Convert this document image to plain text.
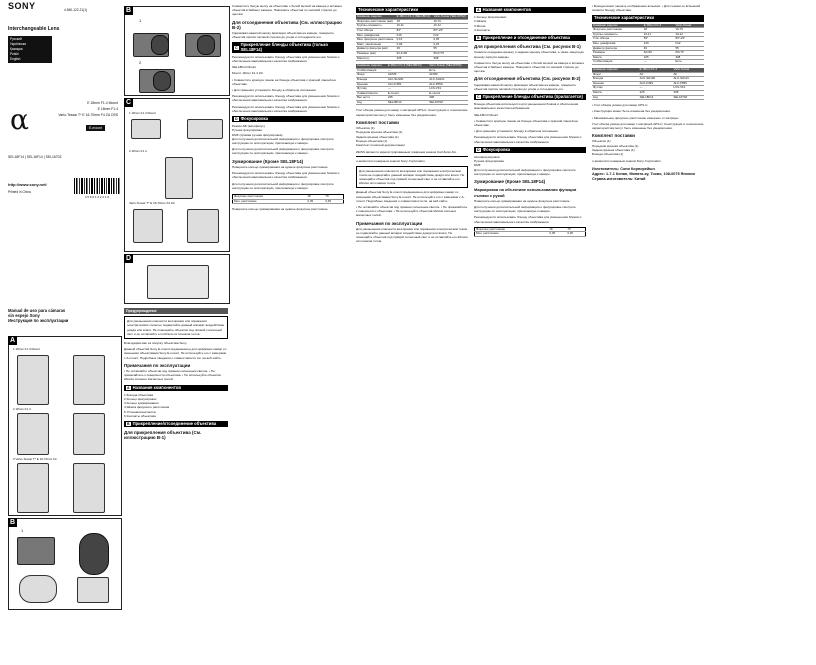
SONY	4-560-122-21(1)
Interchangeable Lens
Русский
Українська
Қазақша
Polski
English
E 18mm F1.4 Mount
E 18mm F1.4
Vario-Tessar T* E 16-70mm F4 ZA OSS
α	E-mount
SEL18F14 | SEL16F14 | SEL1670Z
http://www.sony.net/
Printed in China
4 5 6 0 1 2 2 2 1 0
Manual de uso para cámaras
sin espejo Sony
Инструкция по эксплуатации
A
1 18mm F1.4 Mount
2 18mm F1.4
3 Vario-Tessar T* E 16-70mm F4
B
1
B
1
2
C
1 18mm F1.4 Mount
2 18mm F1.4
Vario-Tessar T* E 16-70mm F4 ZA
D
Предупреждение
Для уменьшения опасности возгорания или поражения электрическим током не подвергайте данный аппарат воздействию дождя или влаги. Не помещайте объектив под прямой солнечный свет и не оставляйте его вблизи источников тепла.
Благодарим вас за покупку объектива Sony.
Данный объектив Sony E-mount предназначен для цифровых камер со сменными объективами Sony E-mount. Не используйте его с камерами с A-mount. Подробные сведения о совместимости см. на веб-сайте.
Примечания по эксплуатации
• Не оставляйте объектив под прямым солнечным светом. • Не прикасайтесь к поверхности объектива. • Не используйте объектив вблизи сильных магнитных полей.
A Названия компонентов
1 Бленда объектива
2 Кольцо фокусировки
3 Кольцо зуммирования
4 Шкала фокусного расстояния
5 Установочная метка
6 Контакты объектива
B Прикрепление/отсоединение объектива
Для прикрепления объектива (См. иллюстрацию B-1)
Совместите белую метку на объективе с белой меткой на камере и вставьте объектив в байонет камеры. Поверните объектив по часовой стрелке до щелчка.
Для отсоединения объектива (См. иллюстрацию B-2)
Удерживая нажатой кнопку фиксации объектива на камере, поверните объектив против часовой стрелки до упора и отсоедините его.
C
Прикрепление бленды объектива (только SEL18F14)
Рекомендуется использовать бленду объектива для уменьшения бликов и обеспечения максимального качества изображения.
SEL18F14 Mount
Mount: 18mm F1.4 ZA
• Совместите красную линию на бленде объектива с красной линией на объективе.
• Для хранения установите бленду в обратном положении.
Рекомендуется использовать бленду объектива для уменьшения бликов и обеспечения максимального качества изображения.
Рекомендуется использовать бленду объектива для уменьшения бликов и обеспечения максимального качества изображения.
D Фокусировка
Режим АФ (автофокус)
Ручная фокусировка
DMF (прямая ручная фокусировка)
Для получения дополнительной информации о фокусировке смотрите инструкцию по эксплуатации, прилагаемую к камере.
Для получения дополнительной информации о фокусировке смотрите инструкцию по эксплуатации, прилагаемую к камере.
Зумирование (Кроме SEL18F14)
Поверните кольцо зуммирования на нужное фокусное расстояние.
Рекомендуется использовать бленду объектива для уменьшения бликов и обеспечения максимального качества изображения.
Для получения дополнительной информации о фокусировке смотрите инструкцию по эксплуатации, прилагаемую к камере.
Фокусное расстояние	16	70
Мин. расстояние	0,35	0,35
Поверните кольцо зуммирования на нужное фокусное расстояние.
Технические характеристики
Название изделия	E 18mm F1.4 (SEL18F14)	Vario-Tessar (SEL1670Z)
Фокусное расстояние (мм)	18	16-70
Группы–элементы	10-11	10-12
Угол обзора	83°	83°-23°
Мин. диафрагма	F16	F22
Мин. фокусное расстояние	0,16	0,35
Макс. увеличение	0,09	0,23
Диаметр фильтра (мм)	49	55
Размеры (мм)	62,2×66	66,6×75
Масса (г)	225	308
Название изделия	E 18mm F1.4 (SEL18F14)	Vario-Tessar (SEL1670Z)
Стабилизация	—	Есть
Фокус	AF/MF	AF/MF
Бленда	ALC-SH130	ALC-SH121
Крышка	ALC-F49S	ALC-F55S
Футляр	—	LCS-VF1
Совместимость	E-mount	E-mount
Вес нетто	225	308
Код	SEL18F14	SEL1670Z
Угол обзора указан для камер с матрицей APS-C. Конструкция и технические характеристики могут быть изменены без уведомления.
Комплект поставки
Объектив (1)
Передняя крышка объектива (1)
Задняя крышка объектива (1)
Бленда объектива (1)
Комплект печатной документации
ZEISS является зарегистрированным товарным знаком Carl Zeiss AG.
α является товарным знаком Sony Corporation.
Для уменьшения опасности возгорания или поражения электрическим током не подвергайте данный аппарат воздействию дождя или влаги. Не помещайте объектив под прямой солнечный свет и не оставляйте его вблизи источников тепла.
Данный объектив Sony E-mount предназначен для цифровых камер со сменными объективами Sony E-mount. Не используйте его с камерами с A-mount. Подробные сведения о совместимости см. на веб-сайте.
• Не оставляйте объектив под прямым солнечным светом. • Не прикасайтесь к поверхности объектива. • Не используйте объектив вблизи сильных магнитных полей.
Примечания по эксплуатации
Для уменьшения опасности возгорания или поражения электрическим током не подвергайте данный аппарат воздействию дождя или влаги. Не помещайте объектив под прямой солнечный свет и не оставляйте его вблизи источников тепла.
A Названия компонентов
1 Кольцо фокусировки
2 Шкала
3 Метка
4 Контакты
B Прикрепление и отсоединение объектива
Для прикрепления объектива (См. рисунок B-1)
Снимите переднюю крышку и заднюю крышку объектива, а также защитную крышку корпуса камеры.
Совместите белую метку на объективе с белой меткой на камере и вставьте объектив в байонет камеры. Поверните объектив по часовой стрелке до щелчка.
Для отсоединения объектива (См. рисунок B-2)
Удерживая нажатой кнопку фиксации объектива на камере, поверните объектив против часовой стрелки до упора и отсоедините его.
C Прикрепление бленды объектива (прилагается)
Бленда объектива используется для уменьшения бликов и обеспечения максимального качества изображения.
SEL18F14 Mount
• Совместите красную линию на бленде объектива с красной линией на объективе.
• Для хранения установите бленду в обратном положении.
Рекомендуется использовать бленду объектива для уменьшения бликов и обеспечения максимального качества изображения.
D Фокусировка
Автофокусировка
Ручная фокусировка
DMF
Для получения дополнительной информации о фокусировке смотрите инструкцию по эксплуатации, прилагаемую к камере.
Зумирование (Кроме SEL18F14)
Маркировка на объективе использования функции съемки с рукой
Поверните кольцо зуммирования на нужное фокусное расстояние.
Для получения дополнительной информации о фокусировке смотрите инструкцию по эксплуатации, прилагаемую к камере.
Рекомендуется использовать бленду объектива для уменьшения бликов и обеспечения максимального качества изображения.
Фокусное расстояние	16	70
Мин. расстояние	0,35	0,35
• Бленда может мешать отображению вспышки. • Для съемки со вспышкой снимите бленду объектива.
Технические характеристики
Название изделия	E 18mm F1.4	Vario-Tessar
Фокусное расстояние	18	16-70
Группы–элементы	10-11	10-12
Угол обзора	83°	83°-23°
Мин. диафрагма	F16	F22
Диаметр фильтра	49	55
Размеры	62×66	66×75
Масса	225	308
Стабилизация	—	Есть
Название изделия	E 18mm F1.4	Vario-Tessar
Фокус	AF	AF
Бленда	ALC-SH130	ALC-SH121
Крышка	ALC-F49S	ALC-F55S
Футляр	—	LCS-VF1
Масса	225	308
Код	SEL18F14	SEL1670Z
• Угол обзора указан для камер APS-C.
• Конструкция может быть изменена без уведомления.
• Минимальное фокусное расстояние измерено от матрицы.
Угол обзора указан для камер с матрицей APS-C. Конструкция и технические характеристики могут быть изменены без уведомления.
Комплект поставки
Объектив (1)
Передняя крышка объектива (1)
Задняя крышка объектива (1)
Бленда объектива (1)
α является товарным знаком Sony Corporation.
Изготовитель: Сони Корпорейшн
Адрес: 1-7-1 Конан, Минато-ку, Токио, 108-0075 Япония
Страна-изготовитель: Китай
